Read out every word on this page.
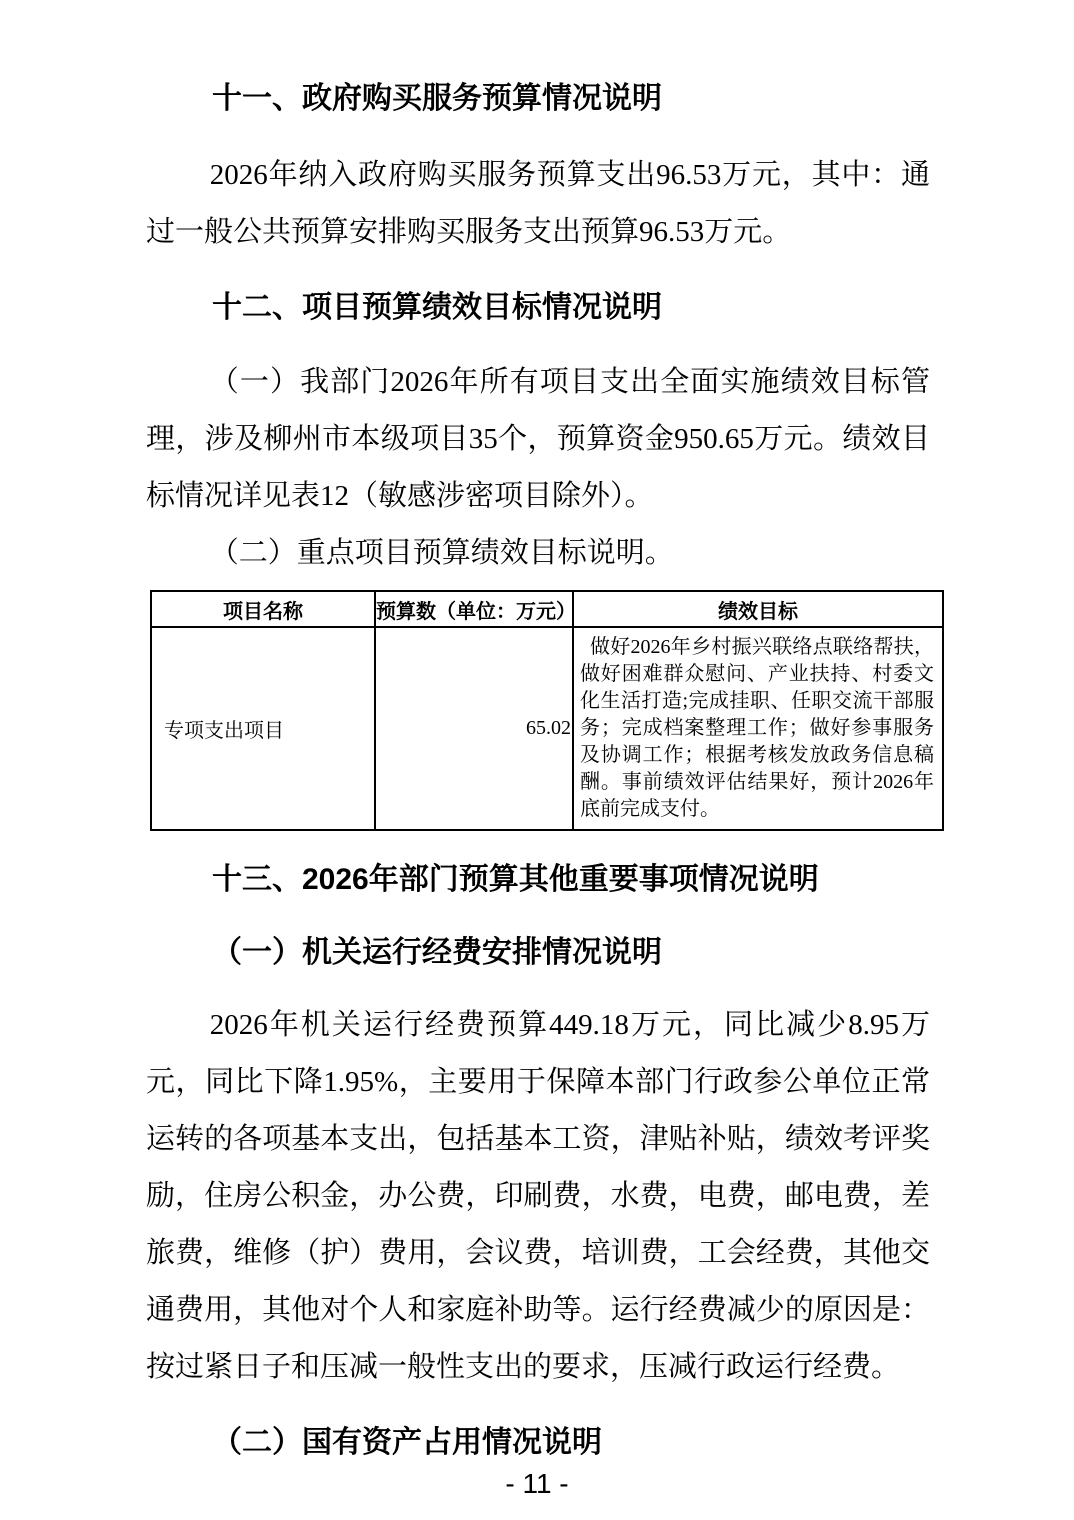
十一、政府购买服务预算情况说明

2026年纳入政府购买服务预算支出96.53万元，其中：通过一般公共预算安排购买服务支出预算96.53万元。

十二、项目预算绩效目标情况说明

（一）我部门2026年所有项目支出全面实施绩效目标管理，涉及柳州市本级项目35个，预算资金950.65万元。绩效目标情况详见表12（敏感涉密项目除外）。

（二）重点项目预算绩效目标说明。

项目名称	预算数（单位：万元）	绩效目标
专项支出项目	65.02	做好2026年乡村振兴联络点联络帮扶，做好困难群众慰问、产业扶持、村委文化生活打造;完成挂职、任职交流干部服务；完成档案整理工作；做好参事服务及协调工作；根据考核发放政务信息稿酬。事前绩效评估结果好，预计2026年底前完成支付。
十三、2026年部门预算其他重要事项情况说明
（一）机关运行经费安排情况说明

2026年机关运行经费预算449.18万元，同比减少8.95万元，同比下降1.95%，主要用于保障本部门行政参公单位正常运转的各项基本支出，包括基本工资，津贴补贴，绩效考评奖励，住房公积金，办公费，印刷费，水费，电费，邮电费，差旅费，维修（护）费用，会议费，培训费，工会经费，其他交通费用，其他对个人和家庭补助等。运行经费减少的原因是：按过紧日子和压减一般性支出的要求，压减行政运行经费。

（二）国有资产占用情况说明
- 11 -
